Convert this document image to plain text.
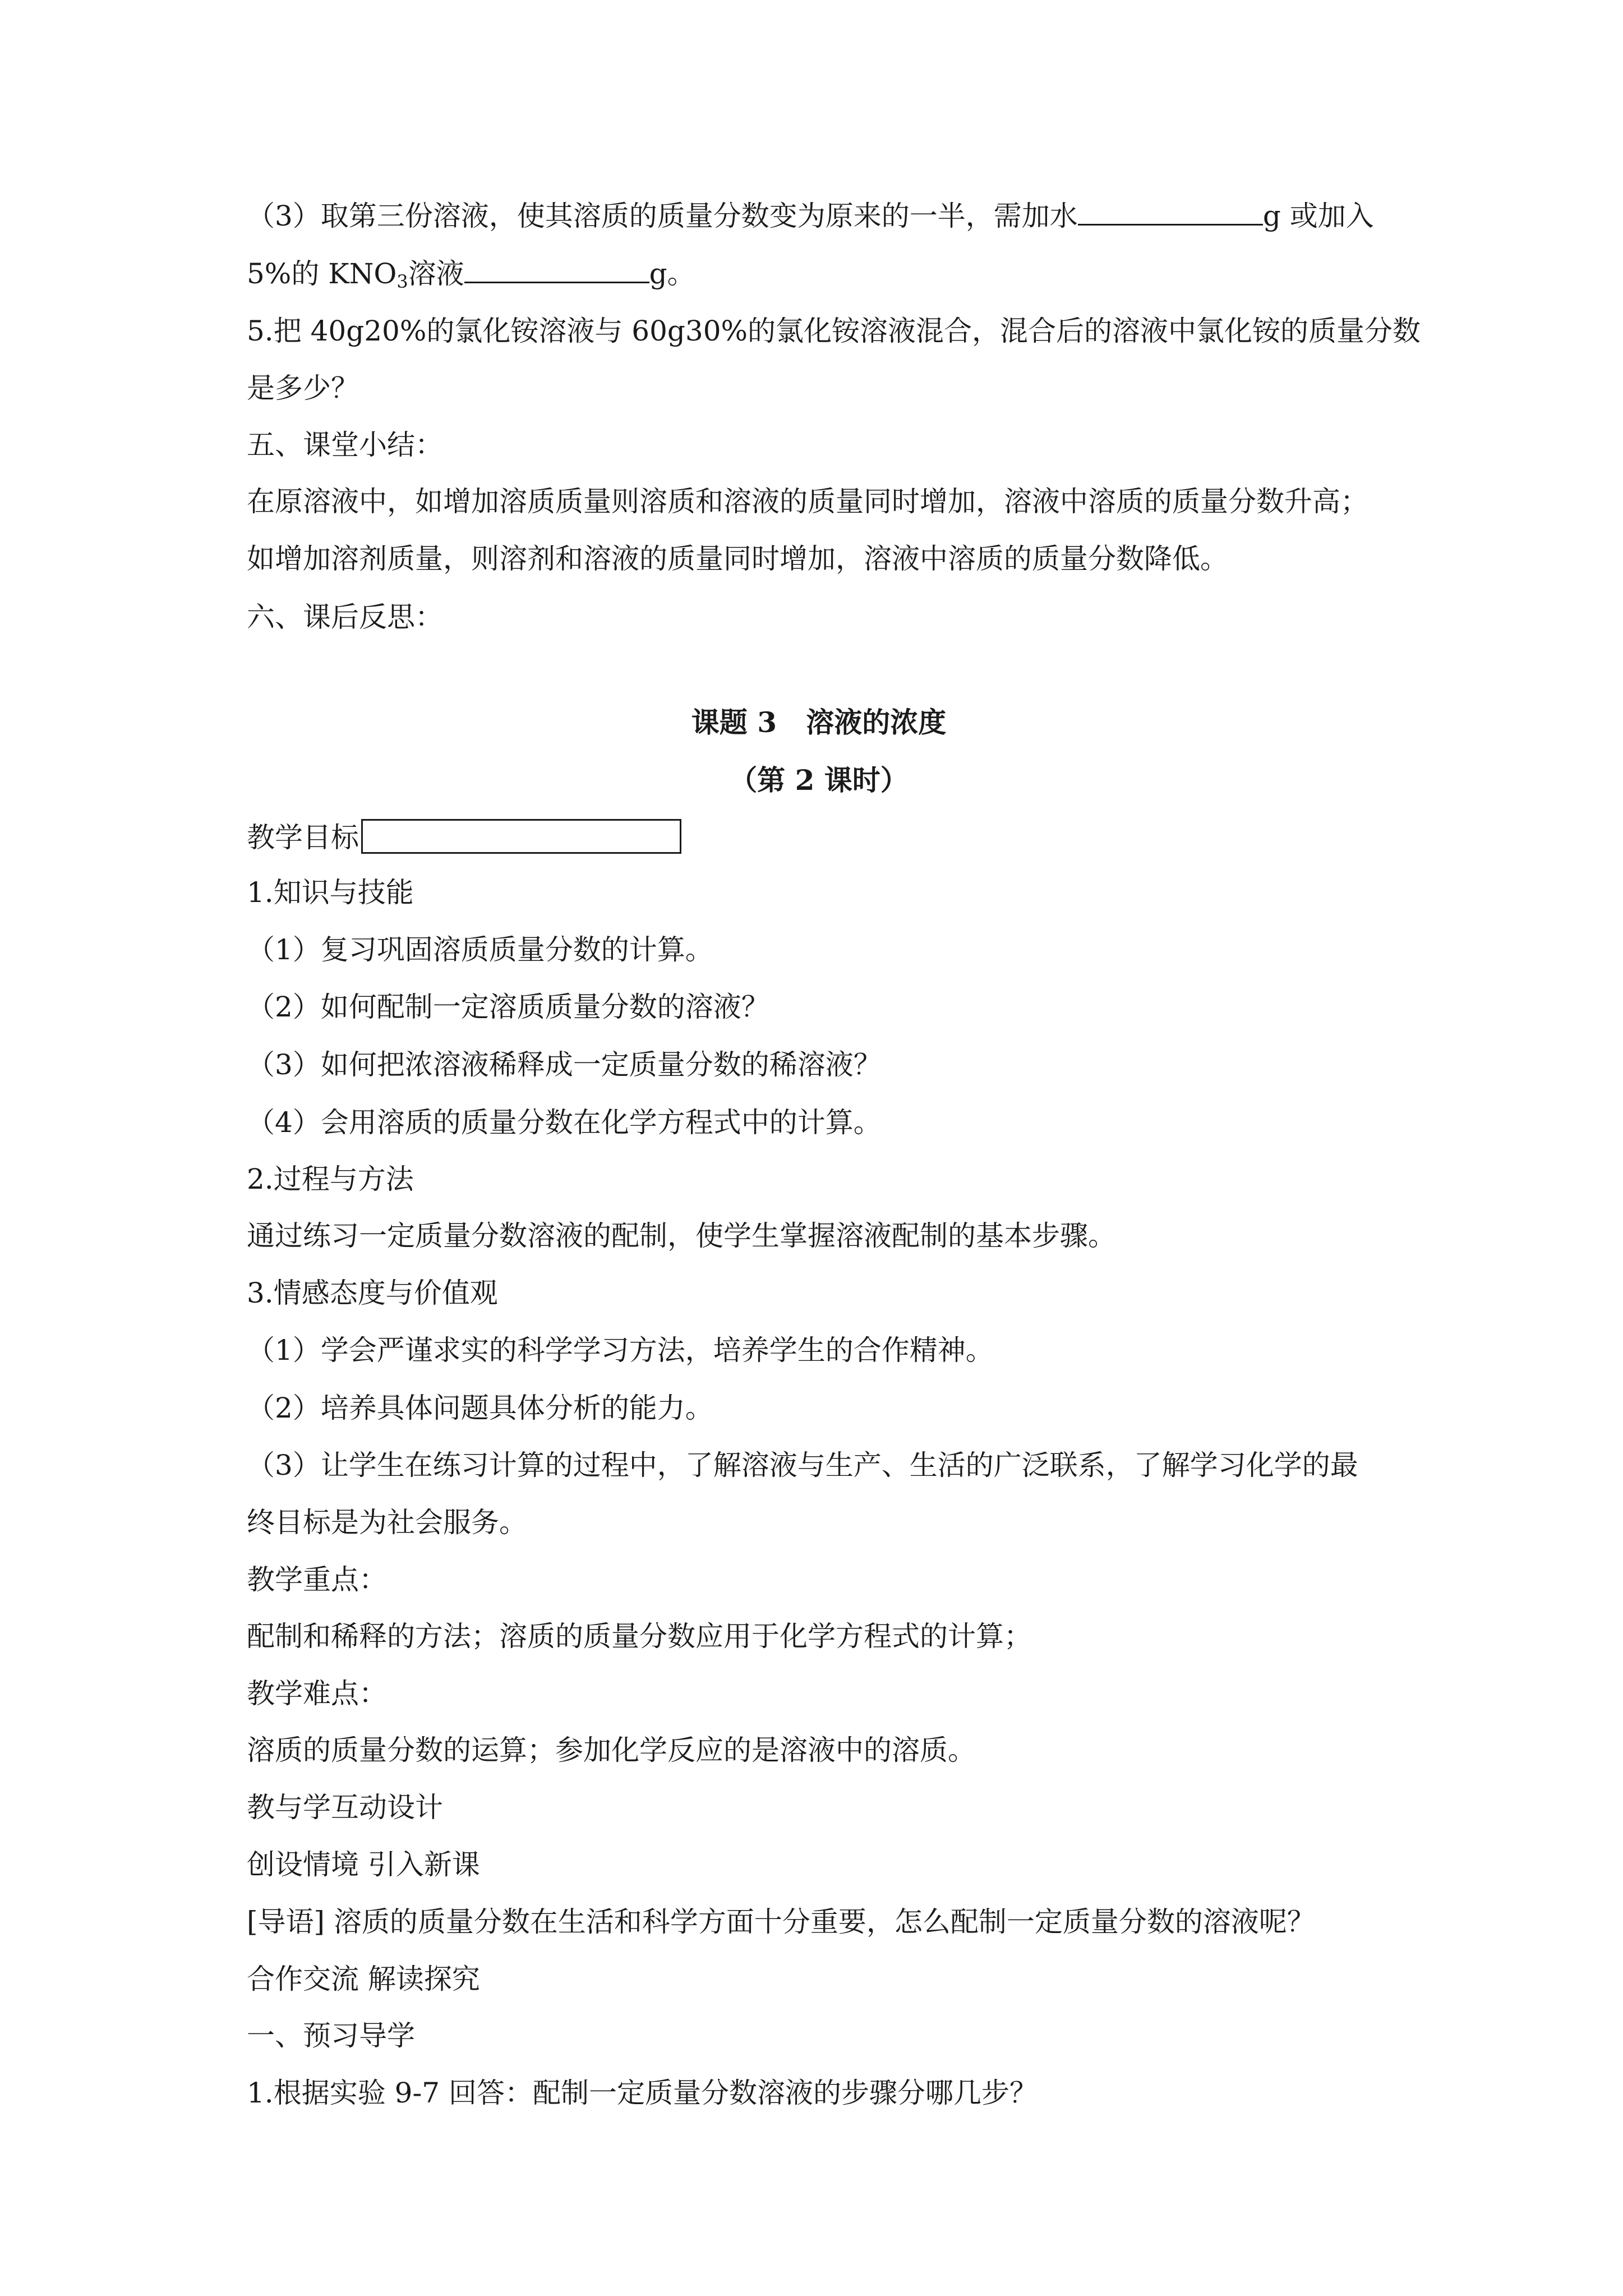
（3）取第三份溶液，使其溶质的质量分数变为原来的一半，需加水	g 或加入
5%的 $KNO_3$溶液	g。
5.把 40g20%的氯化铵溶液与 60g30%的氯化铵溶液混合，混合后的溶液中氯化铵的质量分数
是多少？
五、课堂小结：
在原溶液中，如增加溶质质量则溶质和溶液的质量同时增加，溶液中溶质的质量分数升高；
如增加溶剂质量，则溶剂和溶液的质量同时增加，溶液中溶质的质量分数降低。
六、课后反思：
课题 3   溶液的浓度
（第 2 课时）
教学目标
1.知识与技能
（1）复习巩固溶质质量分数的计算。
（2）如何配制一定溶质质量分数的溶液？
（3）如何把浓溶液稀释成一定质量分数的稀溶液？
（4）会用溶质的质量分数在化学方程式中的计算。
2.过程与方法
通过练习一定质量分数溶液的配制，使学生掌握溶液配制的基本步骤。
3.情感态度与价值观
（1）学会严谨求实的科学学习方法，培养学生的合作精神。
（2）培养具体问题具体分析的能力。
（3）让学生在练习计算的过程中，了解溶液与生产、生活的广泛联系，了解学习化学的最
终目标是为社会服务。
教学重点：
配制和稀释的方法；溶质的质量分数应用于化学方程式的计算；
教学难点：
溶质的质量分数的运算；参加化学反应的是溶液中的溶质。
教与学互动设计
创设情境 引入新课
[导语] 溶质的质量分数在生活和科学方面十分重要，怎么配制一定质量分数的溶液呢？
合作交流 解读探究
一、预习导学
1.根据实验 9-7 回答：配制一定质量分数溶液的步骤分哪几步？
